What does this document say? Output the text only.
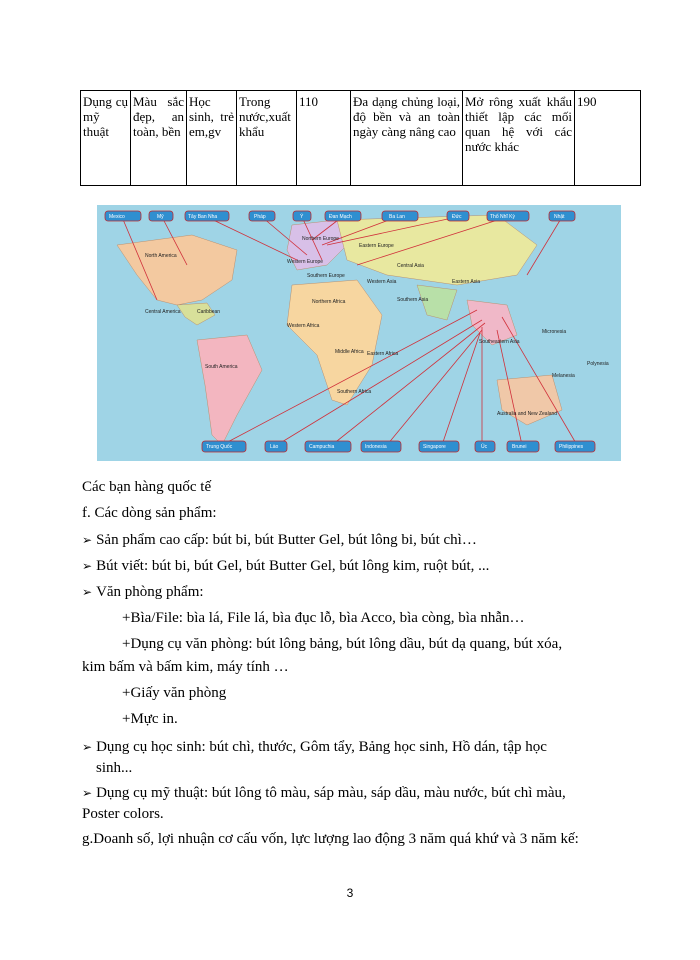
Dụng cụ mỹ thuật	Màu sắc đẹp, an toàn, bền	Học sinh, trẻ em,gv	Trong nước,xuất khẩu	110	Đa dạng chủng loại, độ bền và an toàn ngày càng nâng cao	Mở rông xuất khẩu thiết lập các mối quan hệ với các nước khác	190
North America
Central America	Caribbean
South America
Northern Europe
Eastern Europe
Western Europe
Southern Europe
Western Asia
Central Asia
Eastern Asia
Southern Asia
Northern Africa
Western Africa
Middle Africa Eastern Africa
Southern Africa
Southeastern Asia
Micronesia
Polynesia
Melanesia
Australia and New Zealand
Mexico	Mỹ	Tây Ban Nha	Pháp	Ý	Đan Mạch	Ba Lan	Đức	Thổ Nhĩ Kỳ	Nhật
Trung Quốc	Lào	Campuchia	Indonesia	Singapore	Úc	Brunei	Philippines
Các bạn hàng quốc tế
f. Các dòng sản phẩm:
➢ Sản phẩm cao cấp: bút bi, bút Butter Gel, bút lông bi, bút chì…
➢ Bút viết: bút bi, bút Gel, bút Butter Gel, bút lông kim, ruột bút, ...
➢ Văn phòng phẩm:
+Bìa/File: bìa lá, File lá, bìa đục lỗ, bìa Acco, bìa còng, bìa nhẫn…
+Dụng cụ văn phòng: bút lông bảng, bút lông dầu, bút dạ quang, bút xóa,
kim bấm và bấm kim, máy tính …
+Giấy văn phòng
+Mực in.
➢ Dụng cụ học sinh: bút chì, thước, Gôm tẩy, Bảng học sinh, Hồ dán, tập học
sinh...
➢ Dụng cụ mỹ thuật: bút lông tô màu, sáp màu, sáp dầu, màu nước, bút chì màu,
Poster colors.
g.Doanh số, lợi nhuận cơ cấu vốn, lực lượng lao động 3 năm quá khứ và 3 năm kế:
3
